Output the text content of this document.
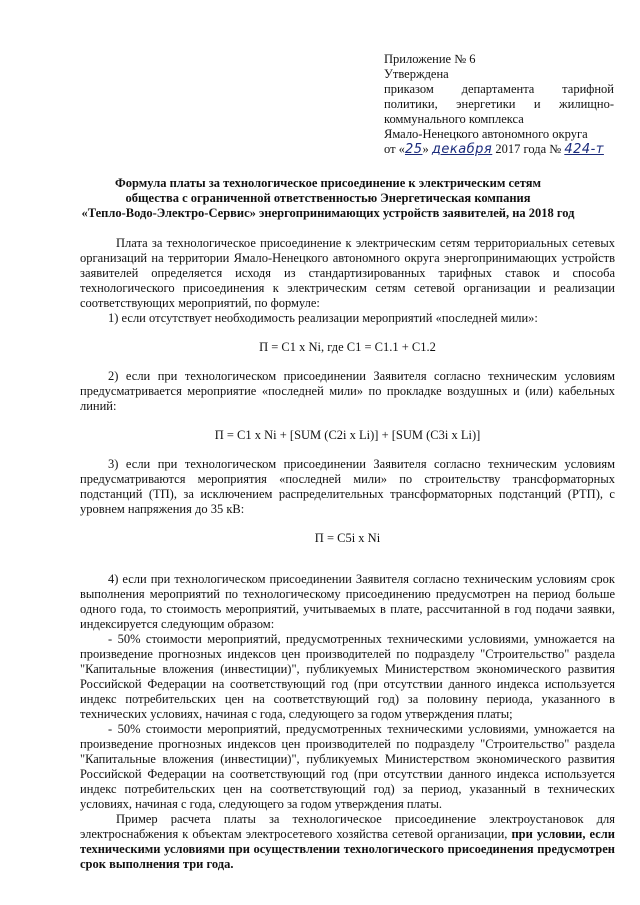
Приложение № 6
Утверждена
приказом департамента тарифной
политики, энергетики и жилищно-
коммунального комплекса
Ямало-Ненецкого автономного округа
от «25» декабря 2017 года № 424-т
Формула платы за технологическое присоединение к электрическим сетям
общества с ограниченной ответственностью Энергетическая компания
«Тепло-Водо-Электро-Сервис» энергопринимающих устройств заявителей, на 2018 год

Плата за технологическое присоединение к электрическим сетям территориальных сетевых организаций на территории Ямало-Ненецкого автономного округа энергопринимающих устройств заявителей определяется исходя из стандартизированных тарифных ставок и способа технологического присоединения к электрическим сетям сетевой организации и реализации соответствующих мероприятий, по формуле:

1) если отсутствует необходимость реализации мероприятий «последней мили»:

П = C1 x Ni, где С1 = С1.1 + С1.2

2) если при технологическом присоединении Заявителя согласно техническим условиям предусматривается мероприятие «последней мили» по прокладке воздушных и (или) кабельных линий:

П = C1 x Ni + [SUM (C2i x Li)] + [SUM (C3i x Li)]

3) если при технологическом присоединении Заявителя согласно техническим условиям предусматриваются мероприятия «последней мили» по строительству трансформаторных подстанций (ТП), за исключением распределительных трансформаторных подстанций (РТП), с уровнем напряжения до 35 кВ:

П = C5i x Ni

4) если при технологическом присоединении Заявителя согласно техническим условиям срок выполнения мероприятий по технологическому присоединению предусмотрен на период больше одного года, то стоимость мероприятий, учитываемых в плате, рассчитанной в год подачи заявки, индексируется следующим образом:

- 50% стоимости мероприятий, предусмотренных техническими условиями, умножается на произведение прогнозных индексов цен производителей по подразделу "Строительство" раздела "Капитальные вложения (инвестиции)", публикуемых Министерством экономического развития Российской Федерации на соответствующий год (при отсутствии данного индекса используется индекс потребительских цен на соответствующий год) за половину периода, указанного в технических условиях, начиная с года, следующего за годом утверждения платы;

- 50% стоимости мероприятий, предусмотренных техническими условиями, умножается на произведение прогнозных индексов цен производителей по подразделу "Строительство" раздела "Капитальные вложения (инвестиции)", публикуемых Министерством экономического развития Российской Федерации на соответствующий год (при отсутствии данного индекса используется индекс потребительских цен на соответствующий год) за период, указанный в технических условиях, начиная с года, следующего за годом утверждения платы.

Пример расчета платы за технологическое присоединение электроустановок для электроснабжения к объектам электросетевого хозяйства сетевой организации, при условии, если техническими условиями при осуществлении технологического присоединения предусмотрен срок выполнения три года.
